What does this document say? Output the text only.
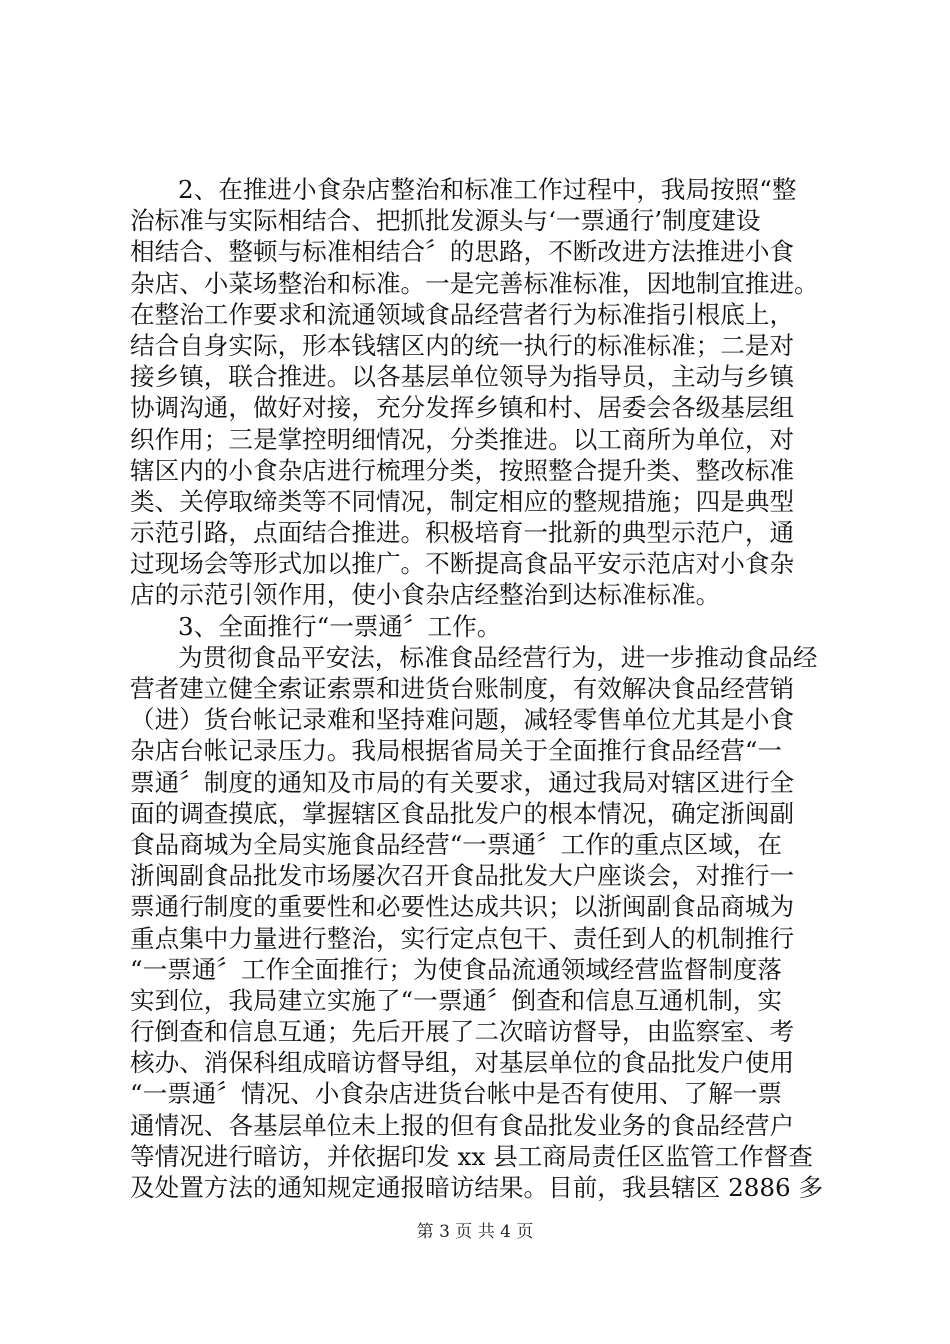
2、在推进小食杂店整治和标准工作过程中，我局按照“整
治标准与实际相结合、把抓批发源头与‘一票通行’制度建设
相结合、整顿与标准相结合〞的思路，不断改进方法推进小食
杂店、小菜场整治和标准。一是完善标准标准，因地制宜推进。
在整治工作要求和流通领域食品经营者行为标准指引根底上，
结合自身实际，形本钱辖区内的统一执行的标准标准；二是对
接乡镇，联合推进。以各基层单位领导为指导员，主动与乡镇
协调沟通，做好对接，充分发挥乡镇和村、居委会各级基层组
织作用；三是掌控明细情况，分类推进。以工商所为单位，对
辖区内的小食杂店进行梳理分类，按照整合提升类、整改标准
类、关停取缔类等不同情况，制定相应的整规措施；四是典型
示范引路，点面结合推进。积极培育一批新的典型示范户，通
过现场会等形式加以推广。不断提高食品平安示范店对小食杂
店的示范引领作用，使小食杂店经整治到达标准标准。
3、全面推行“一票通〞工作。
为贯彻食品平安法，标准食品经营行为，进一步推动食品经
营者建立健全索证索票和进货台账制度，有效解决食品经营销
（进）货台帐记录难和坚持难问题，减轻零售单位尤其是小食
杂店台帐记录压力。我局根据省局关于全面推行食品经营“一
票通〞制度的通知及市局的有关要求，通过我局对辖区进行全
面的调查摸底，掌握辖区食品批发户的根本情况，确定浙闽副
食品商城为全局实施食品经营“一票通〞工作的重点区域，在
浙闽副食品批发市场屡次召开食品批发大户座谈会，对推行一
票通行制度的重要性和必要性达成共识；以浙闽副食品商城为
重点集中力量进行整治，实行定点包干、责任到人的机制推行
“一票通〞工作全面推行；为使食品流通领域经营监督制度落
实到位，我局建立实施了“一票通〞倒查和信息互通机制，实
行倒查和信息互通；先后开展了二次暗访督导，由监察室、考
核办、消保科组成暗访督导组，对基层单位的食品批发户使用
“一票通〞情况、小食杂店进货台帐中是否有使用、了解一票
通情况、各基层单位未上报的但有食品批发业务的食品经营户
等情况进行暗访，并依据印发 xx 县工商局责任区监管工作督查
及处置方法的通知规定通报暗访结果。目前，我县辖区 2886 多
第 3 页 共 4 页
